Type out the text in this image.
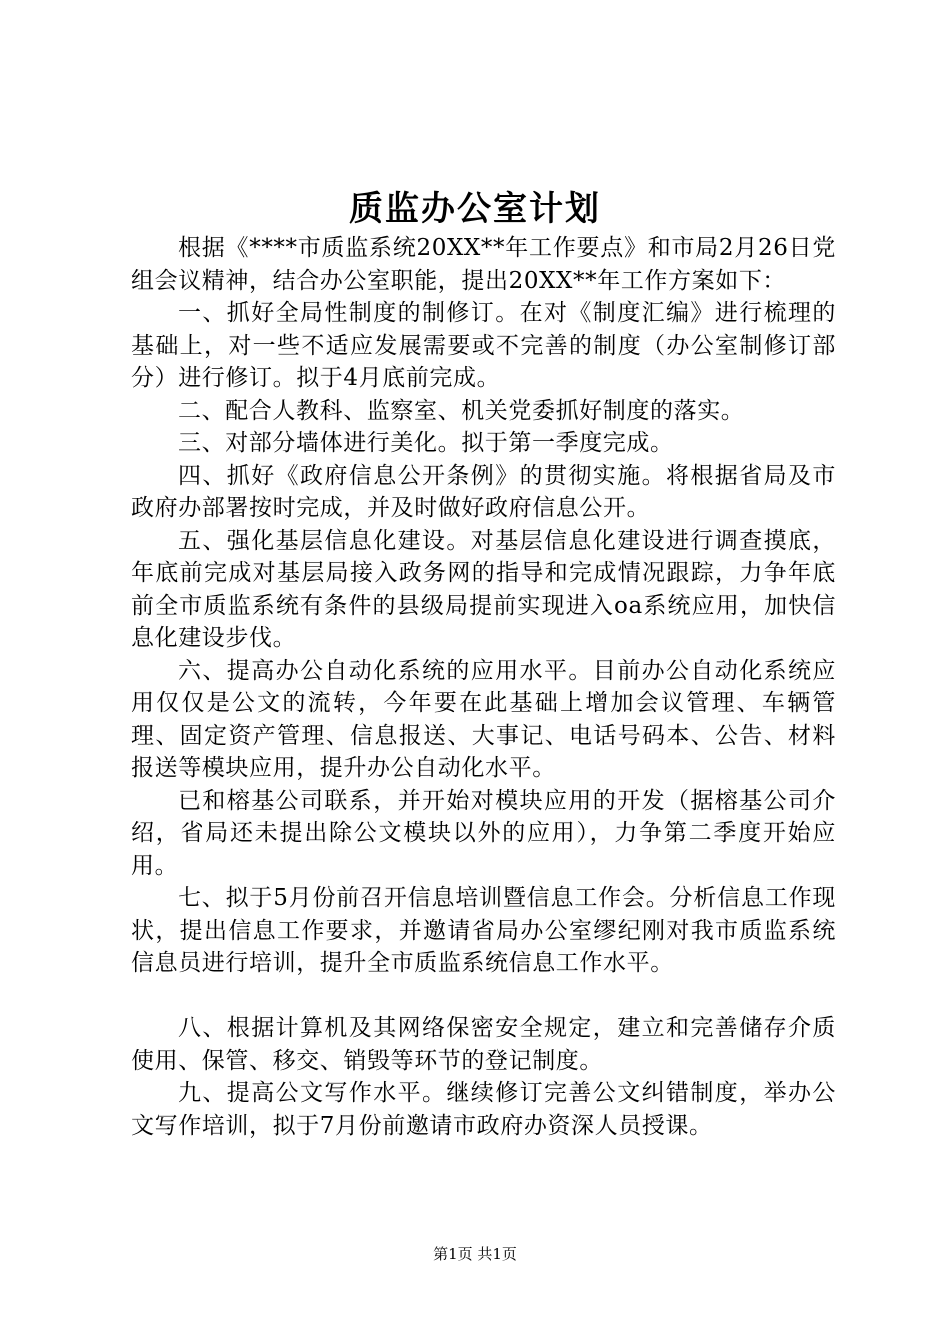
质监办公室计划

根据《****市质监系统20XX**年工作要点》和市局2月26日党组会议精神，结合办公室职能，提出20XX**年工作方案如下：

一、抓好全局性制度的制修订。在对《制度汇编》进行梳理的基础上，对一些不适应发展需要或不完善的制度（办公室制修订部分）进行修订。拟于4月底前完成。

二、配合人教科、监察室、机关党委抓好制度的落实。

三、对部分墙体进行美化。拟于第一季度完成。

四、抓好《政府信息公开条例》的贯彻实施。将根据省局及市政府办部署按时完成，并及时做好政府信息公开。

五、强化基层信息化建设。对基层信息化建设进行调查摸底，年底前完成对基层局接入政务网的指导和完成情况跟踪，力争年底前全市质监系统有条件的县级局提前实现进入oa系统应用，加快信息化建设步伐。

六、提高办公自动化系统的应用水平。目前办公自动化系统应用仅仅是公文的流转，今年要在此基础上增加会议管理、车辆管理、固定资产管理、信息报送、大事记、电话号码本、公告、材料报送等模块应用，提升办公自动化水平。

已和榕基公司联系，并开始对模块应用的开发（据榕基公司介绍，省局还未提出除公文模块以外的应用），力争第二季度开始应用。

七、拟于5月份前召开信息培训暨信息工作会。分析信息工作现状，提出信息工作要求，并邀请省局办公室缪纪刚对我市质监系统信息员进行培训，提升全市质监系统信息工作水平。

八、根据计算机及其网络保密安全规定，建立和完善储存介质使用、保管、移交、销毁等环节的登记制度。

九、提高公文写作水平。继续修订完善公文纠错制度，举办公文写作培训，拟于7月份前邀请市政府办资深人员授课。

第1页 共1页
